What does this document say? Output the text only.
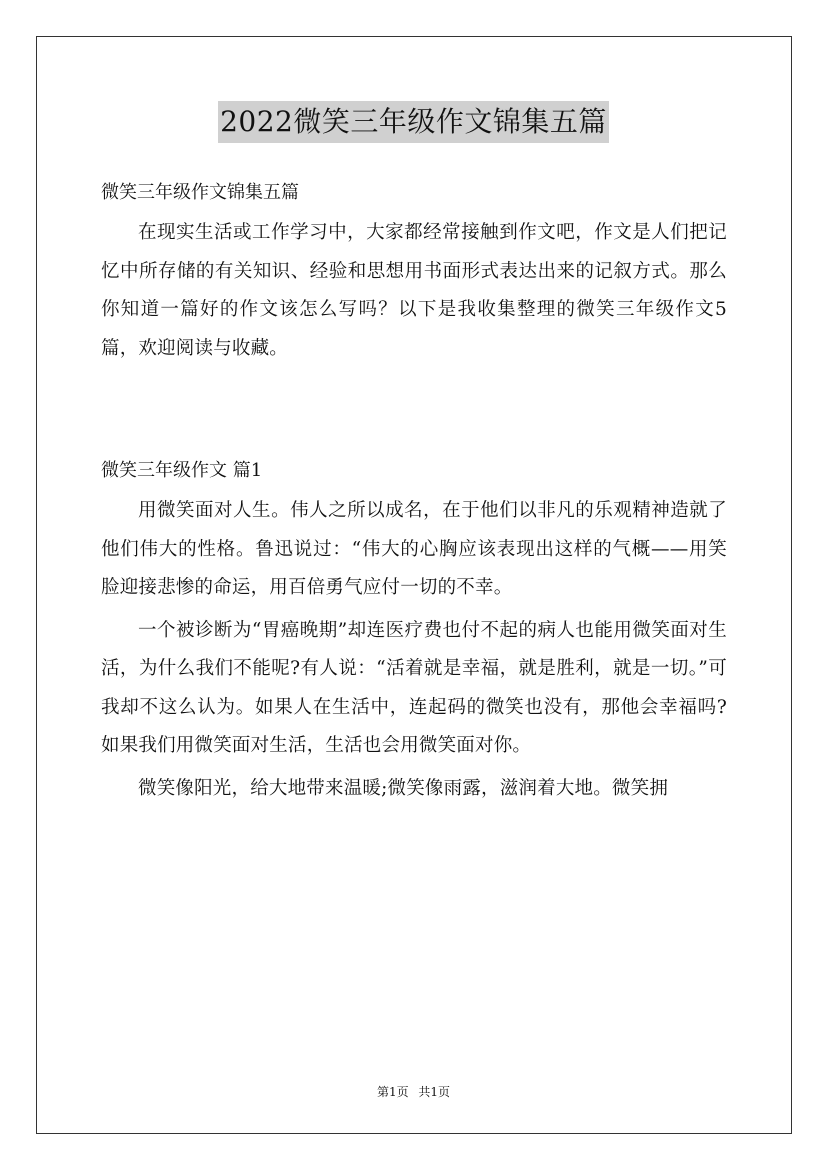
2022微笑三年级作文锦集五篇

微笑三年级作文锦集五篇

在现实生活或工作学习中，大家都经常接触到作文吧，作文是人们把记忆中所存储的有关知识、经验和思想用书面形式表达出来的记叙方式。那么你知道一篇好的作文该怎么写吗？以下是我收集整理的微笑三年级作文5篇，欢迎阅读与收藏。

微笑三年级作文 篇1

用微笑面对人生。伟人之所以成名，在于他们以非凡的乐观精神造就了他们伟大的性格。鲁迅说过：“伟大的心胸应该表现出这样的气概——用笑脸迎接悲惨的命运，用百倍勇气应付一切的不幸。

一个被诊断为“胃癌晚期”却连医疗费也付不起的病人也能用微笑面对生活，为什么我们不能呢?有人说：“活着就是幸福，就是胜利，就是一切。”可我却不这么认为。如果人在生活中，连起码的微笑也没有，那他会幸福吗?如果我们用微笑面对生活，生活也会用微笑面对你。

微笑像阳光，给大地带来温暖;微笑像雨露，滋润着大地。微笑拥

第1页 共1页
